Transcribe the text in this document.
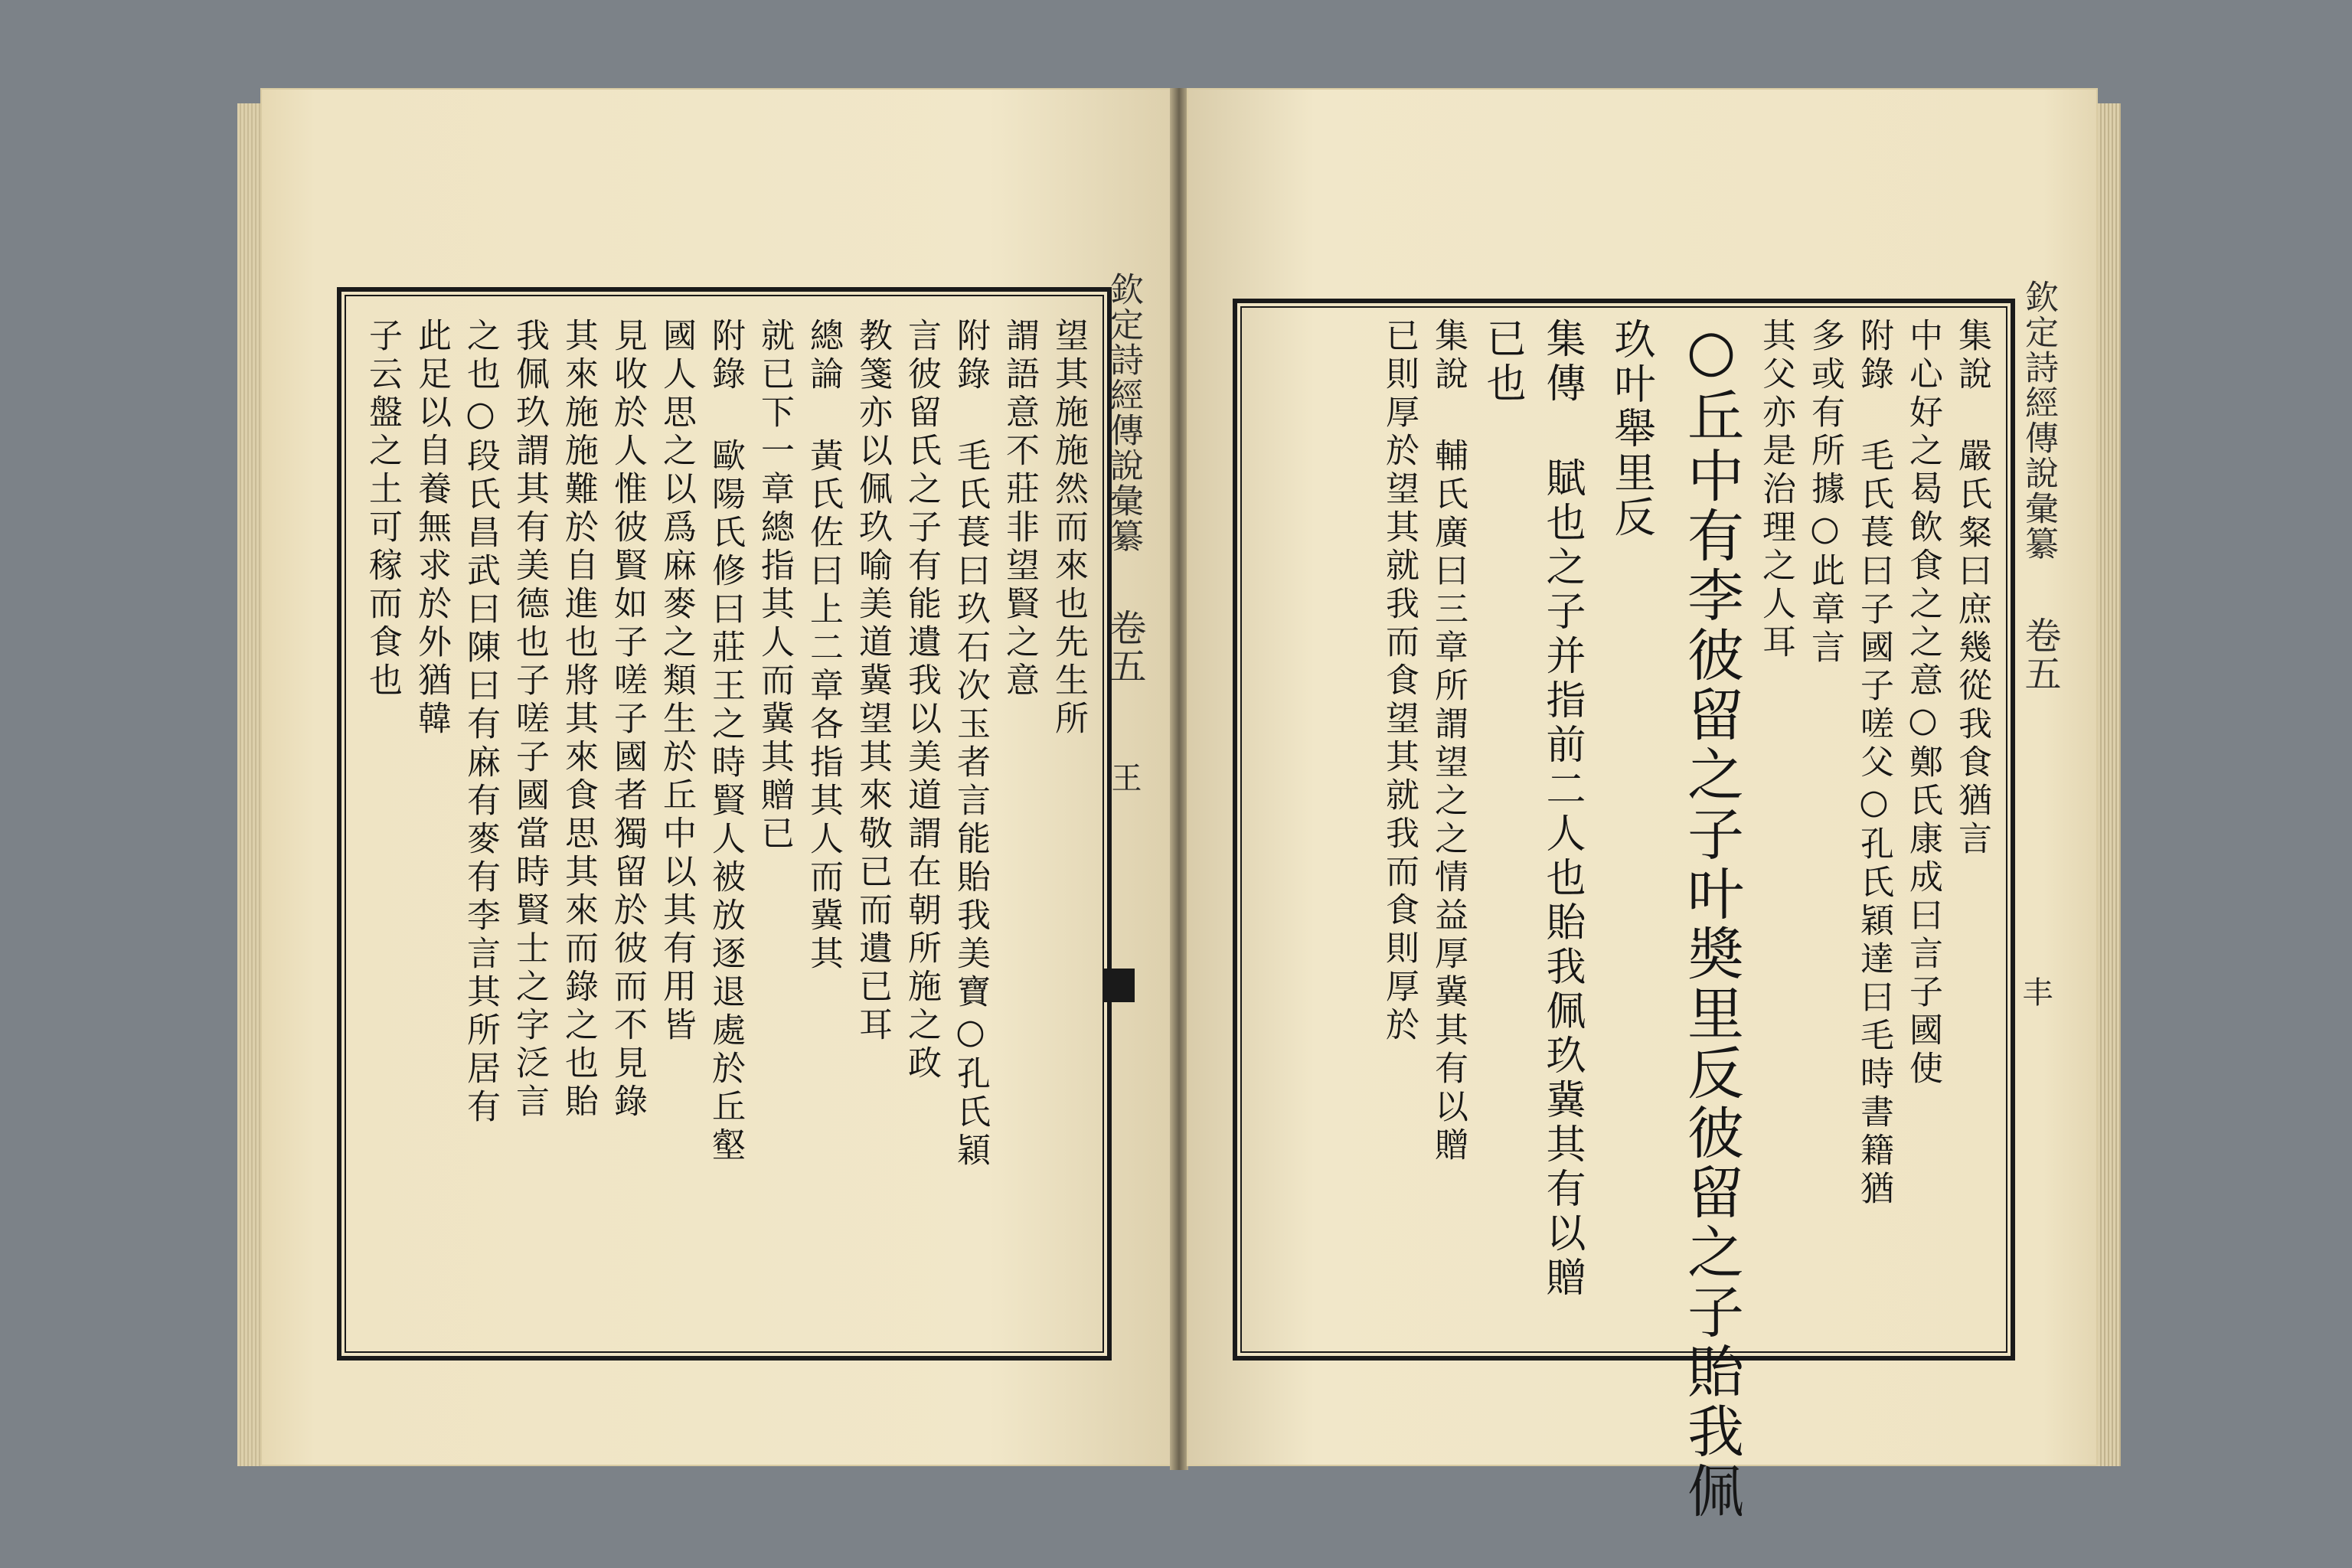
欽定詩經傳說彙纂
卷五
王
望其施施然而來也先生所
謂語意不莊非望賢之意
附錄 毛氏萇曰玖石次玉者言能貽我美寶○孔氏穎
言彼留氏之子有能遺我以美道謂在朝所施之政
教箋亦以佩玖喻美道冀望其來敬已而遺已耳
總論 黃氏佐曰上二章各指其人而冀其
就已下一章總指其人而冀其贈已
附錄 歐陽氏修曰莊王之時賢人被放逐退處於丘壑
國人思之以爲麻麥之類生於丘中以其有用皆
見收於人惟彼賢如子嗟子國者獨留於彼而不見錄
其來施施難於自進也將其來食思其來而錄之也貽
我佩玖謂其有美德也子嗟子國當時賢士之字泛言
之也○段氏昌武曰陳曰有麻有麥有李言其所居有
此足以自養無求於外猶韓
子云盤之土可稼而食也	欽定詩經傳說彙纂
卷五
丰
集說 嚴氏粲曰庶幾從我食猶言
中心好之曷飲食之之意○鄭氏康成曰言子國使
附錄 毛氏萇曰子國子嗟父○孔氏穎達曰毛時書籍猶
多或有所據○此章言
其父亦是治理之人耳
○丘中有李彼留之子叶奬里反彼留之子貽我佩
玖叶舉里反
集傳 賦也之子并指前二人也貽我佩玖冀其有以贈
已也
集說 輔氏廣曰三章所謂望之之情益厚冀其有以贈
已則厚於望其就我而食望其就我而食則厚於
